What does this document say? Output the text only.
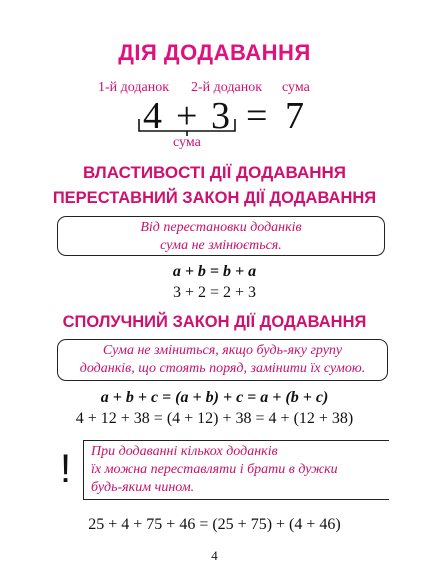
ДІЯ ДОДАВАННЯ
1-й доданок 2-й доданок сума
4 + 3 = 7
сума
ВЛАСТИВОСТІ ДІЇ ДОДАВАННЯ
ПЕРЕСТАВНИЙ ЗАКОН ДІЇ ДОДАВАННЯ
Від перестановки доданків
сума не змінюється.
a + b = b + a
3 + 2 = 2 + 3
СПОЛУЧНИЙ ЗАКОН ДІЇ ДОДАВАННЯ
Сума не зміниться, якщо будь-яку групу
доданків, що стоять поряд, замінити їх сумою.
a + b + c = (a + b) + c = a + (b + c)
4 + 12 + 38 = (4 + 12) + 38 = 4 + (12 + 38)
! При додаванні кількох доданків
їх можна переставляти і брати в дужки
будь-яким чином.
25 + 4 + 75 + 46 = (25 + 75) + (4 + 46)
4
